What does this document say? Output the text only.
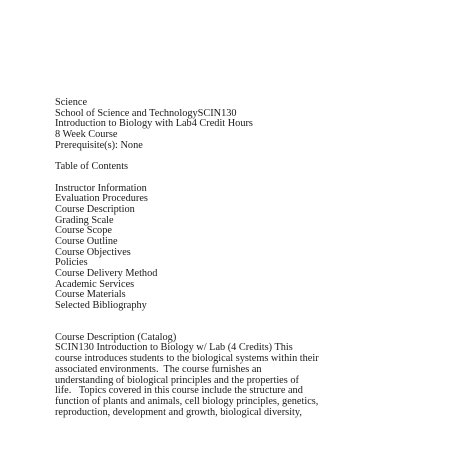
Science
School of Science and TechnologySCIN130
Introduction to Biology with Lab4 Credit Hours
8 Week Course
Prerequisite(s): None
Table of Contents
Instructor Information
Evaluation Procedures
Course Description
Grading Scale
Course Scope
Course Outline
Course Objectives
Policies
Course Delivery Method
Academic Services
Course Materials
Selected Bibliography
Course Description (Catalog)
SCIN130 Introduction to Biology w/ Lab (4 Credits) This
course introduces students to the biological systems within their
associated environments.  The course furnishes an
understanding of biological principles and the properties of
life.   Topics covered in this course include the structure and
function of plants and animals, cell biology principles, genetics,
reproduction, development and growth, biological diversity,
